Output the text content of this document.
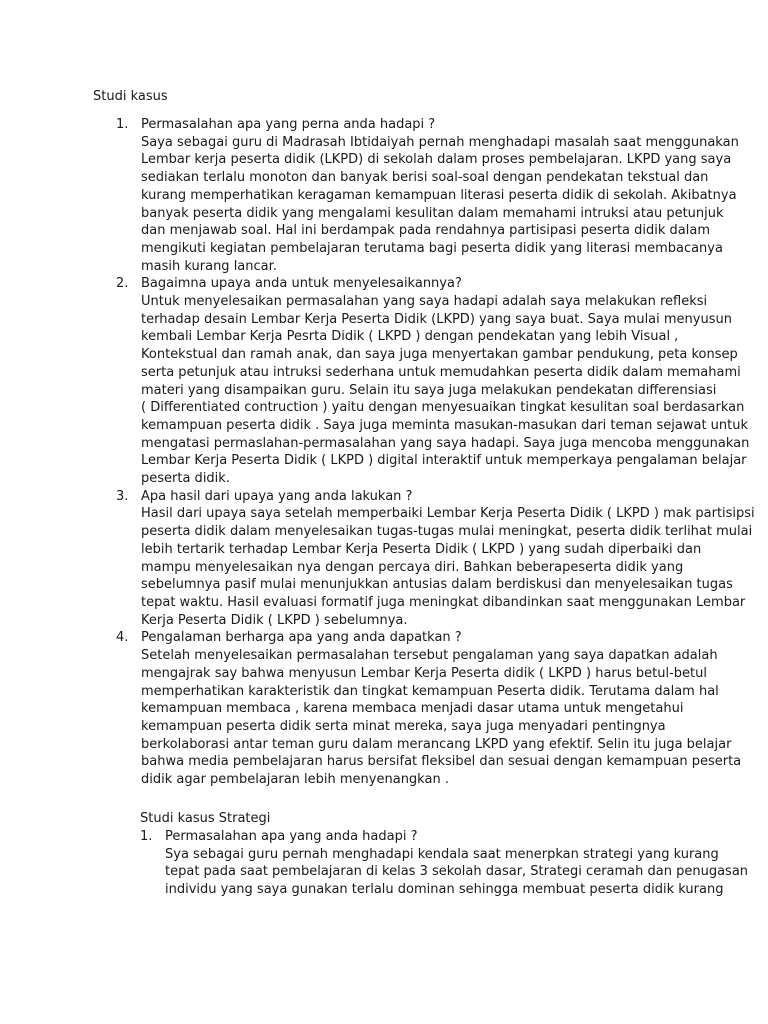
Studi kasus
1. Permasalahan apa yang perna anda hadapi ?
Saya sebagai guru di Madrasah Ibtidaiyah pernah menghadapi masalah saat menggunakan
Lembar kerja peserta didik (LKPD) di sekolah dalam proses pembelajaran. LKPD yang saya
sediakan terlalu monoton dan banyak berisi soal-soal dengan pendekatan tekstual dan
kurang memperhatikan keragaman kemampuan literasi peserta didik di sekolah. Akibatnya
banyak peserta didik yang mengalami kesulitan dalam memahami intruksi atau petunjuk
dan menjawab soal. Hal ini berdampak pada rendahnya partisipasi peserta didik dalam
mengikuti kegiatan pembelajaran terutama bagi peserta didik yang literasi membacanya
masih kurang lancar.
2. Bagaimna upaya anda untuk menyelesaikannya?
Untuk menyelesaikan permasalahan yang saya hadapi adalah saya melakukan refleksi
terhadap desain Lembar Kerja Peserta Didik (LKPD) yang saya buat. Saya mulai menyusun
kembali Lembar Kerja Pesrta Didik ( LKPD ) dengan pendekatan yang lebih Visual ,
Kontekstual dan ramah anak, dan saya juga menyertakan gambar pendukung, peta konsep
serta petunjuk atau intruksi sederhana untuk memudahkan peserta didik dalam memahami
materi yang disampaikan guru. Selain itu saya juga melakukan pendekatan differensiasi
( Differentiated contruction ) yaitu dengan menyesuaikan tingkat kesulitan soal berdasarkan
kemampuan peserta didik . Saya juga meminta masukan-masukan dari teman sejawat untuk
mengatasi permaslahan-permasalahan yang saya hadapi. Saya juga mencoba menggunakan
Lembar Kerja Peserta Didik ( LKPD ) digital interaktif untuk memperkaya pengalaman belajar
peserta didik.
3. Apa hasil dari upaya yang anda lakukan ?
Hasil dari upaya saya setelah memperbaiki Lembar Kerja Peserta Didik ( LKPD ) mak partisipsi
peserta didik dalam menyelesaikan tugas-tugas mulai meningkat, peserta didik terlihat mulai
lebih tertarik terhadap Lembar Kerja Peserta Didik ( LKPD ) yang sudah diperbaiki dan
mampu menyelesaikan nya dengan percaya diri. Bahkan beberapeserta didik yang
sebelumnya pasif mulai menunjukkan antusias dalam berdiskusi dan menyelesaikan tugas
tepat waktu. Hasil evaluasi formatif juga meningkat dibandinkan saat menggunakan Lembar
Kerja Peserta Didik ( LKPD ) sebelumnya.
4. Pengalaman berharga apa yang anda dapatkan ?
Setelah menyelesaikan permasalahan tersebut pengalaman yang saya dapatkan adalah
mengajrak say bahwa menyusun Lembar Kerja Peserta didik ( LKPD ) harus betul-betul
memperhatikan karakteristik dan tingkat kemampuan Peserta didik. Terutama dalam hal
kemampuan membaca , karena membaca menjadi dasar utama untuk mengetahui
kemampuan peserta didik serta minat mereka, saya juga menyadari pentingnya
berkolaborasi antar teman guru dalam merancang LKPD yang efektif. Selin itu juga belajar
bahwa media pembelajaran harus bersifat fleksibel dan sesuai dengan kemampuan peserta
didik agar pembelajaran lebih menyenangkan .
Studi kasus Strategi
1. Permasalahan apa yang anda hadapi ?
Sya sebagai guru pernah menghadapi kendala saat menerpkan strategi yang kurang
tepat pada saat pembelajaran di kelas 3 sekolah dasar, Strategi ceramah dan penugasan
individu yang saya gunakan terlalu dominan sehingga membuat peserta didik kurang
